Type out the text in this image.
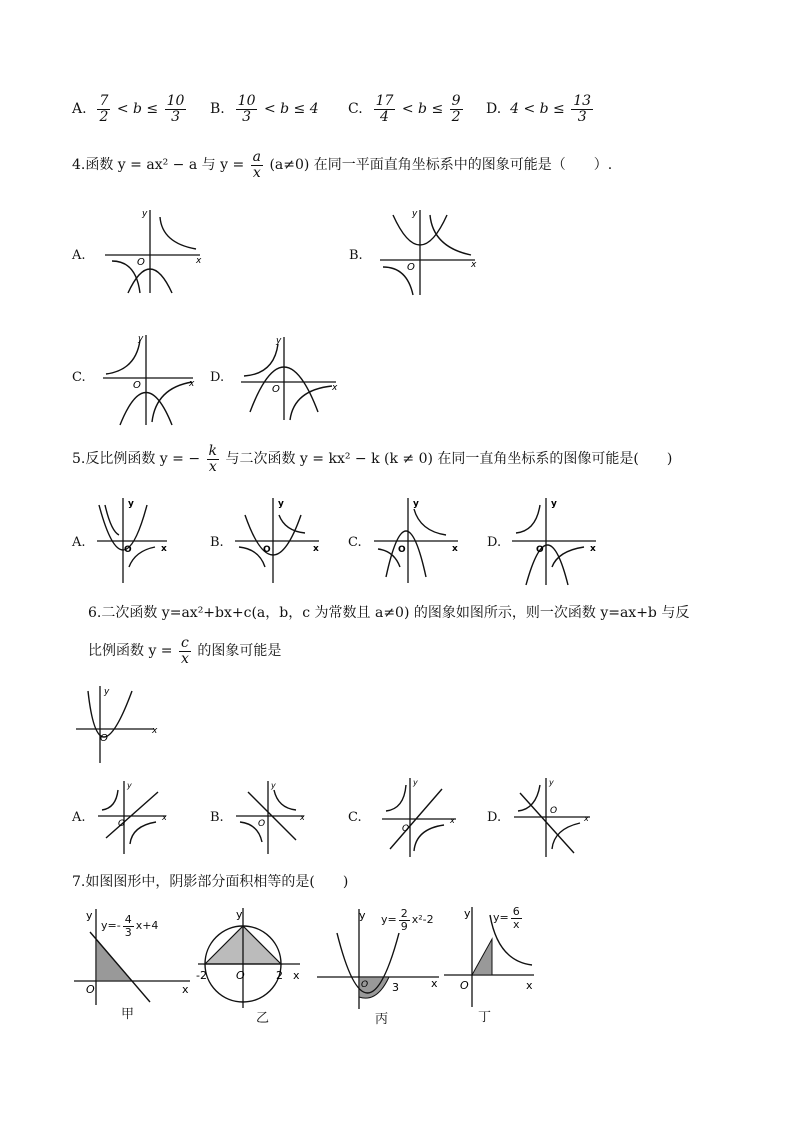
A. $\frac{7}{2} < b \le \frac{10}{3} B$. $\frac{10}{3} < b \le 4$ C. $\frac{17}{4} < b \le \frac{9}{2} D$. $4 < b \le \frac{13}{3}$
4.函数 y = ax² − a 与 $y = \frac{a}{x} (a\ne 0)$ 在同一平面直角坐标系中的图象可能是（　　）.
A.
y
O	x	B.
y
O	x
C.
y
O	x D.
y
O	x
5.反比例函数 y = − $\frac{k}{x}$ 与二次函数 y = kx² − k (k ≠ 0) 在同一直角坐标系的图像可能是(　　)
A.
y
O	x	B.
y
O	x C.
y
O	x D.
y
O	x
6.二次函数 y=ax²+bx+c(a，b，c 为常数且 a≠0) 的图象如图所示，则一次函数 y=ax+b 与反
比例函数 $y = \frac{c}{x}$ 的图象可能是
y
O
x
A.
y
O
x	B.
y
O
x	C.
y
O
x D.
y
O
x
7.如图图形中，阴影部分面积相等的是(　　)
y
O	x
$y=- \frac{4}{3} x+4$
甲
y
-2	2
O	x
乙
y
O 3	x
$y= \frac{2}{9} x^2-2$
丙
y
O	x
$y= \frac{6}{x}$
丁
